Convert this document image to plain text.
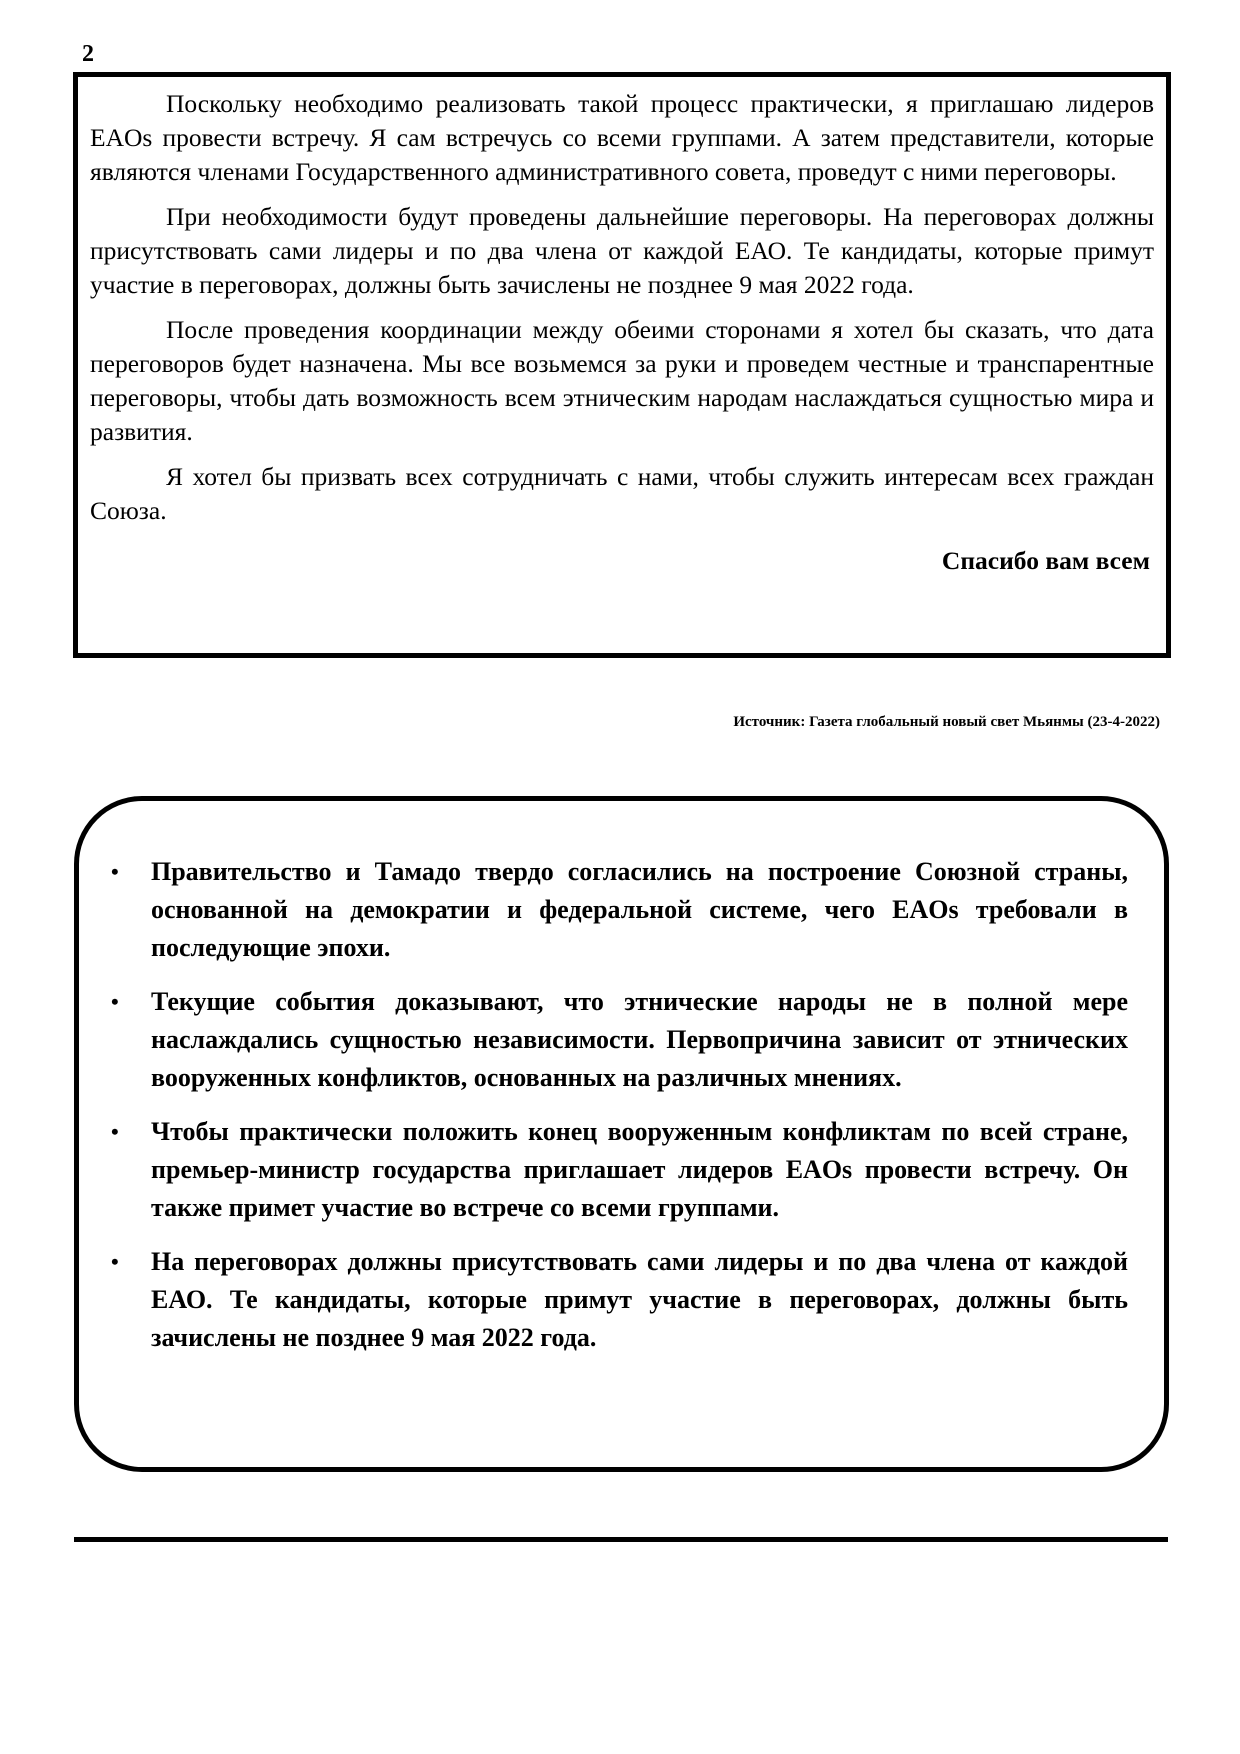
2

Поскольку необходимо реализовать такой процесс практически, я приглашаю лидеров EAOs провести встречу. Я сам встречусь со всеми группами. А затем представители, которые являются членами Государственного административного совета, проведут с ними переговоры.

При необходимости будут проведены дальнейшие переговоры. На переговорах должны присутствовать сами лидеры и по два члена от каждой ЕАО. Те кандидаты, которые примут участие в переговорах, должны быть зачислены не позднее 9 мая 2022 года.

После проведения координации между обеими сторонами я хотел бы сказать, что дата переговоров будет назначена. Мы все возьмемся за руки и проведем честные и транспарентные переговоры, чтобы дать возможность всем этническим народам наслаждаться сущностью мира и развития.

Я хотел бы призвать всех сотрудничать с нами, чтобы служить интересам всех граждан Союза.

Спасибо вам всем

Источник: Газета глобальный новый свет Мьянмы (23-4-2022)
• Правительство и Тамадо твердо согласились на построение Союзной страны, основанной на демократии и федеральной системе, чего EAOs требовали в последующие эпохи.
• Текущие события доказывают, что этнические народы не в полной мере наслаждались сущностью независимости. Первопричина зависит от этнических вооруженных конфликтов, основанных на различных мнениях.
• Чтобы практически положить конец вооруженным конфликтам по всей стране, премьер-министр государства приглашает лидеров EAOs провести встречу. Он также примет участие во встрече со всеми группами.
• На переговорах должны присутствовать сами лидеры и по два члена от каждой ЕАО. Те кандидаты, которые примут участие в переговорах, должны быть зачислены не позднее 9 мая 2022 года.
